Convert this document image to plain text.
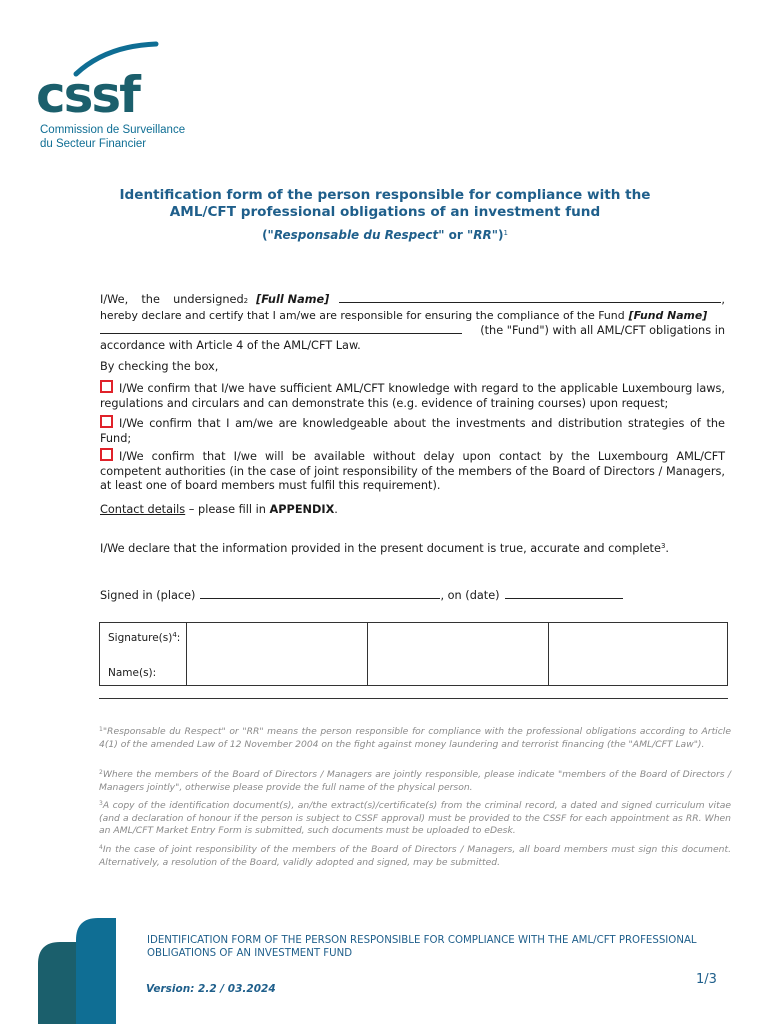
cssf
Commission de Surveillance
du Secteur Financier
Identification form of the person responsible for compliance with the
AML/CFT professional obligations of an investment fund
("Responsable du Respect" or "RR")$^1$
I/We,  the  undersigned 2 [Full Name]	,
hereby declare and certify that I am/we are responsible for ensuring the compliance of the Fund [Fund Name]
(the "Fund") with all AML/CFT obligations in
accordance with Article 4 of the AML/CFT Law.
By checking the box,
I/We confirm that I/we have sufficient AML/CFT knowledge with regard to the applicable Luxembourg laws, regulations and circulars and can demonstrate this (e.g. evidence of training courses) upon request;
I/We confirm that I am/we are knowledgeable about the investments and distribution strategies of the Fund;
I/We confirm that I/we will be available without delay upon contact by the Luxembourg AML/CFT competent authorities (in the case of joint responsibility of the members of the Board of Directors / Managers, at least one of board members must fulfil this requirement).
Contact details – please fill in APPENDIX.
I/We declare that the information provided in the present document is true, accurate and complete$^3$.
Signed in (place)	, on (date)
$Signature(s)^4$:
Name(s):
$^1$"Responsable du Respect" or "RR" means the person responsible for compliance with the professional obligations according to Article 4(1) of the amended Law of 12 November 2004 on the fight against money laundering and terrorist financing (the "AML/CFT Law").
$^2$Where the members of the Board of Directors / Managers are jointly responsible, please indicate "members of the Board of Directors / Managers jointly", otherwise please provide the full name of the physical person.
$^3$A copy of the identification document(s), an/the extract(s)/certificate(s) from the criminal record, a dated and signed curriculum vitae (and a declaration of honour if the person is subject to CSSF approval) must be provided to the CSSF for each appointment as RR. When an AML/CFT Market Entry Form is submitted, such documents must be uploaded to eDesk.
$^4$In the case of joint responsibility of the members of the Board of Directors / Managers, all board members must sign this document. Alternatively, a resolution of the Board, validly adopted and signed, may be submitted.
IDENTIFICATION FORM OF THE PERSON RESPONSIBLE FOR COMPLIANCE WITH THE AML/CFT PROFESSIONAL OBLIGATIONS OF AN INVESTMENT FUND
Version: 2.2 / 03.2024
1/3
